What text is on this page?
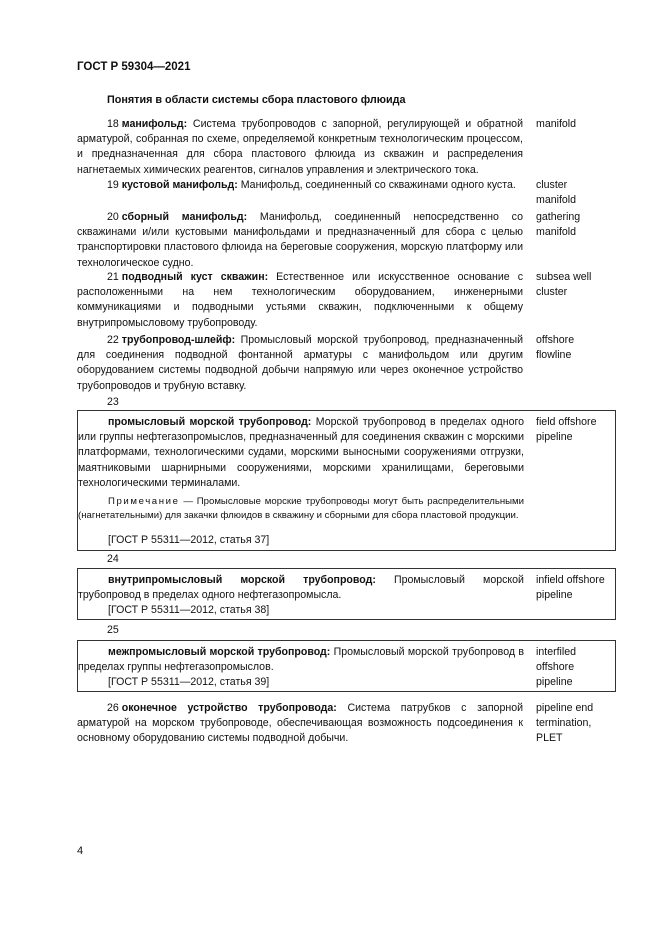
ГОСТ Р 59304—2021
Понятия в области системы сбора пластового флюида
18 манифольд: Система трубопроводов с запорной, регулирующей и обратной арматурой, собранная по схеме, определяемой конкретным технологическим процессом, и предназначенная для сбора пластового флюида из скважин и распределения нагнетаемых химических реагентов, сигналов управления и электрического тока.
manifold
19 кустовой манифольд: Манифольд, соединенный со скважинами одного куста.	cluster
manifold
20 сборный манифольд: Манифольд, соединенный непосредственно со скважинами и/или кустовыми манифольдами и предназначенный для сбора с целью транспортировки пластового флюида на береговые сооружения, морскую платформу или технологическое судно.
gathering
manifold
21 подводный куст скважин: Естественное или искусственное основание с расположенными на нем технологическим оборудованием, инженерными коммуникациями и подводными устьями скважин, подключенными к общему внутрипромысловому трубопроводу.
subsea well
cluster
22 трубопровод-шлейф: Промысловый морской трубопровод, предназначенный для соединения подводной фонтанной арматуры с манифольдом или другим оборудованием системы подводной добычи напрямую или через оконечное устройство трубопроводов и трубную вставку.
offshore
flowline
23
промысловый морской трубопровод: Морской трубопровод в пределах одного или группы нефтегазопромыслов, предназначенный для соединения скважин с морскими платформами, технологическими судами, морскими выносными сооружениями отгрузки, маятниковыми шарнирными сооружениями, морскими хранилищами, береговыми технологическими терминалами.
field offshore
pipeline
Примечание — Промысловые морские трубопроводы могут быть распределительными (нагнетательными) для закачки флюидов в скважину и сборными для сбора пластовой продукции.
[ГОСТ Р 55311—2012, статья 37]
24
внутрипромысловый морской трубопровод: Промысловый морской трубопровод в пределах одного нефтегазопромысла.
infield offshore
pipeline
[ГОСТ Р 55311—2012, статья 38]
25
межпромысловый морской трубопровод: Промысловый морской трубопровод в пределах группы нефтегазопромыслов.
interfiled
offshore
pipeline
[ГОСТ Р 55311—2012, статья 39]
26 оконечное устройство трубопровода: Система патрубков с запорной арматурой на морском трубопроводе, обеспечивающая возможность подсоединения к основному оборудованию системы подводной добычи.
pipeline end
termination,
PLET
4
